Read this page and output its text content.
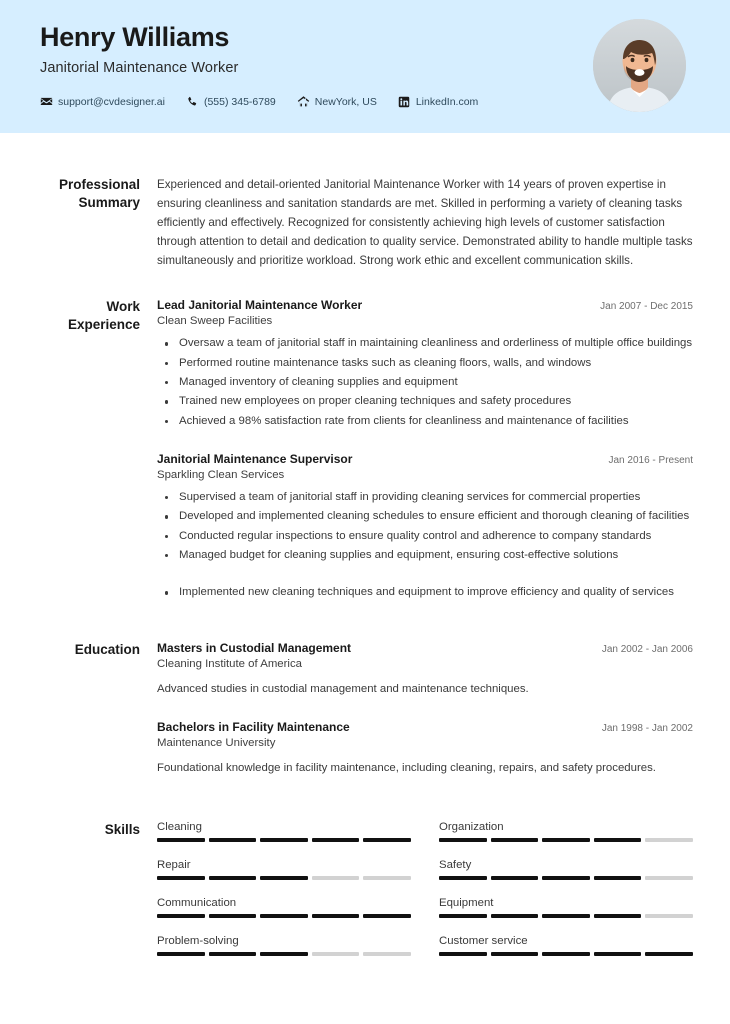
Henry Williams
Janitorial Maintenance Worker
support@cvdesigner.ai	(555) 345-6789	NewYork, US	LinkedIn.com
Professional Summary
Experienced and detail-oriented Janitorial Maintenance Worker with 14 years of proven expertise in ensuring cleanliness and sanitation standards are met. Skilled in performing a variety of cleaning tasks efficiently and effectively. Recognized for consistently achieving high levels of customer satisfaction through attention to detail and dedication to quality service. Demonstrated ability to handle multiple tasks simultaneously and prioritize workload. Strong work ethic and excellent communication skills.
Work Experience
Lead Janitorial Maintenance Worker	Jan 2007 - Dec 2015
Clean Sweep Facilities
Oversaw a team of janitorial staff in maintaining cleanliness and orderliness of multiple office buildings
Performed routine maintenance tasks such as cleaning floors, walls, and windows
Managed inventory of cleaning supplies and equipment
Trained new employees on proper cleaning techniques and safety procedures
Achieved a 98% satisfaction rate from clients for cleanliness and maintenance of facilities
Janitorial Maintenance Supervisor	Jan 2016 - Present
Sparkling Clean Services
Supervised a team of janitorial staff in providing cleaning services for commercial properties
Developed and implemented cleaning schedules to ensure efficient and thorough cleaning of facilities
Conducted regular inspections to ensure quality control and adherence to company standards
Managed budget for cleaning supplies and equipment, ensuring cost-effective solutions
Implemented new cleaning techniques and equipment to improve efficiency and quality of services
Education	Masters in Custodial Management	Jan 2002 - Jan 2006
Cleaning Institute of America
Advanced studies in custodial management and maintenance techniques.
Bachelors in Facility Maintenance	Jan 1998 - Jan 2002
Maintenance University
Foundational knowledge in facility maintenance, including cleaning, repairs, and safety procedures.
Skills	Cleaning	Organization
Repair	Safety
Communication	Equipment
Problem-solving	Customer service
